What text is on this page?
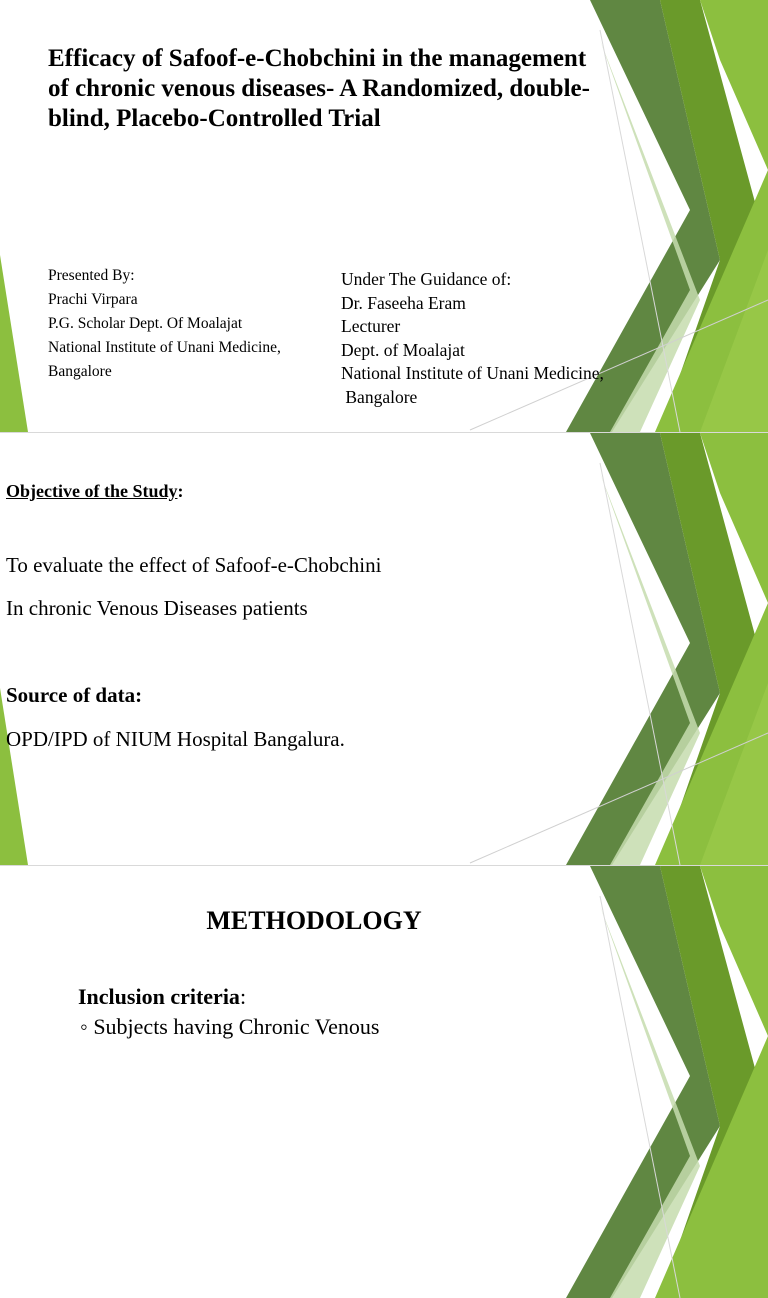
Efficacy of Safoof-e-Chobchini in the management of chronic venous diseases- A Randomized, double-blind, Placebo-Controlled Trial
Presented By:
Prachi Virpara
P.G. Scholar Dept. Of Moalajat
National Institute of Unani Medicine,
Bangalore
Under The Guidance of:
Dr. Faseeha Eram
Lecturer
Dept. of Moalajat
National Institute of Unani Medicine,
Bangalore
Objective of the Study:
To evaluate the effect of Safoof-e-Chobchini
In chronic Venous Diseases patients
Source of data:
OPD/IPD of NIUM Hospital Bangalura.
METHODOLOGY
Inclusion criteria:
◦ Subjects having Chronic Venous
